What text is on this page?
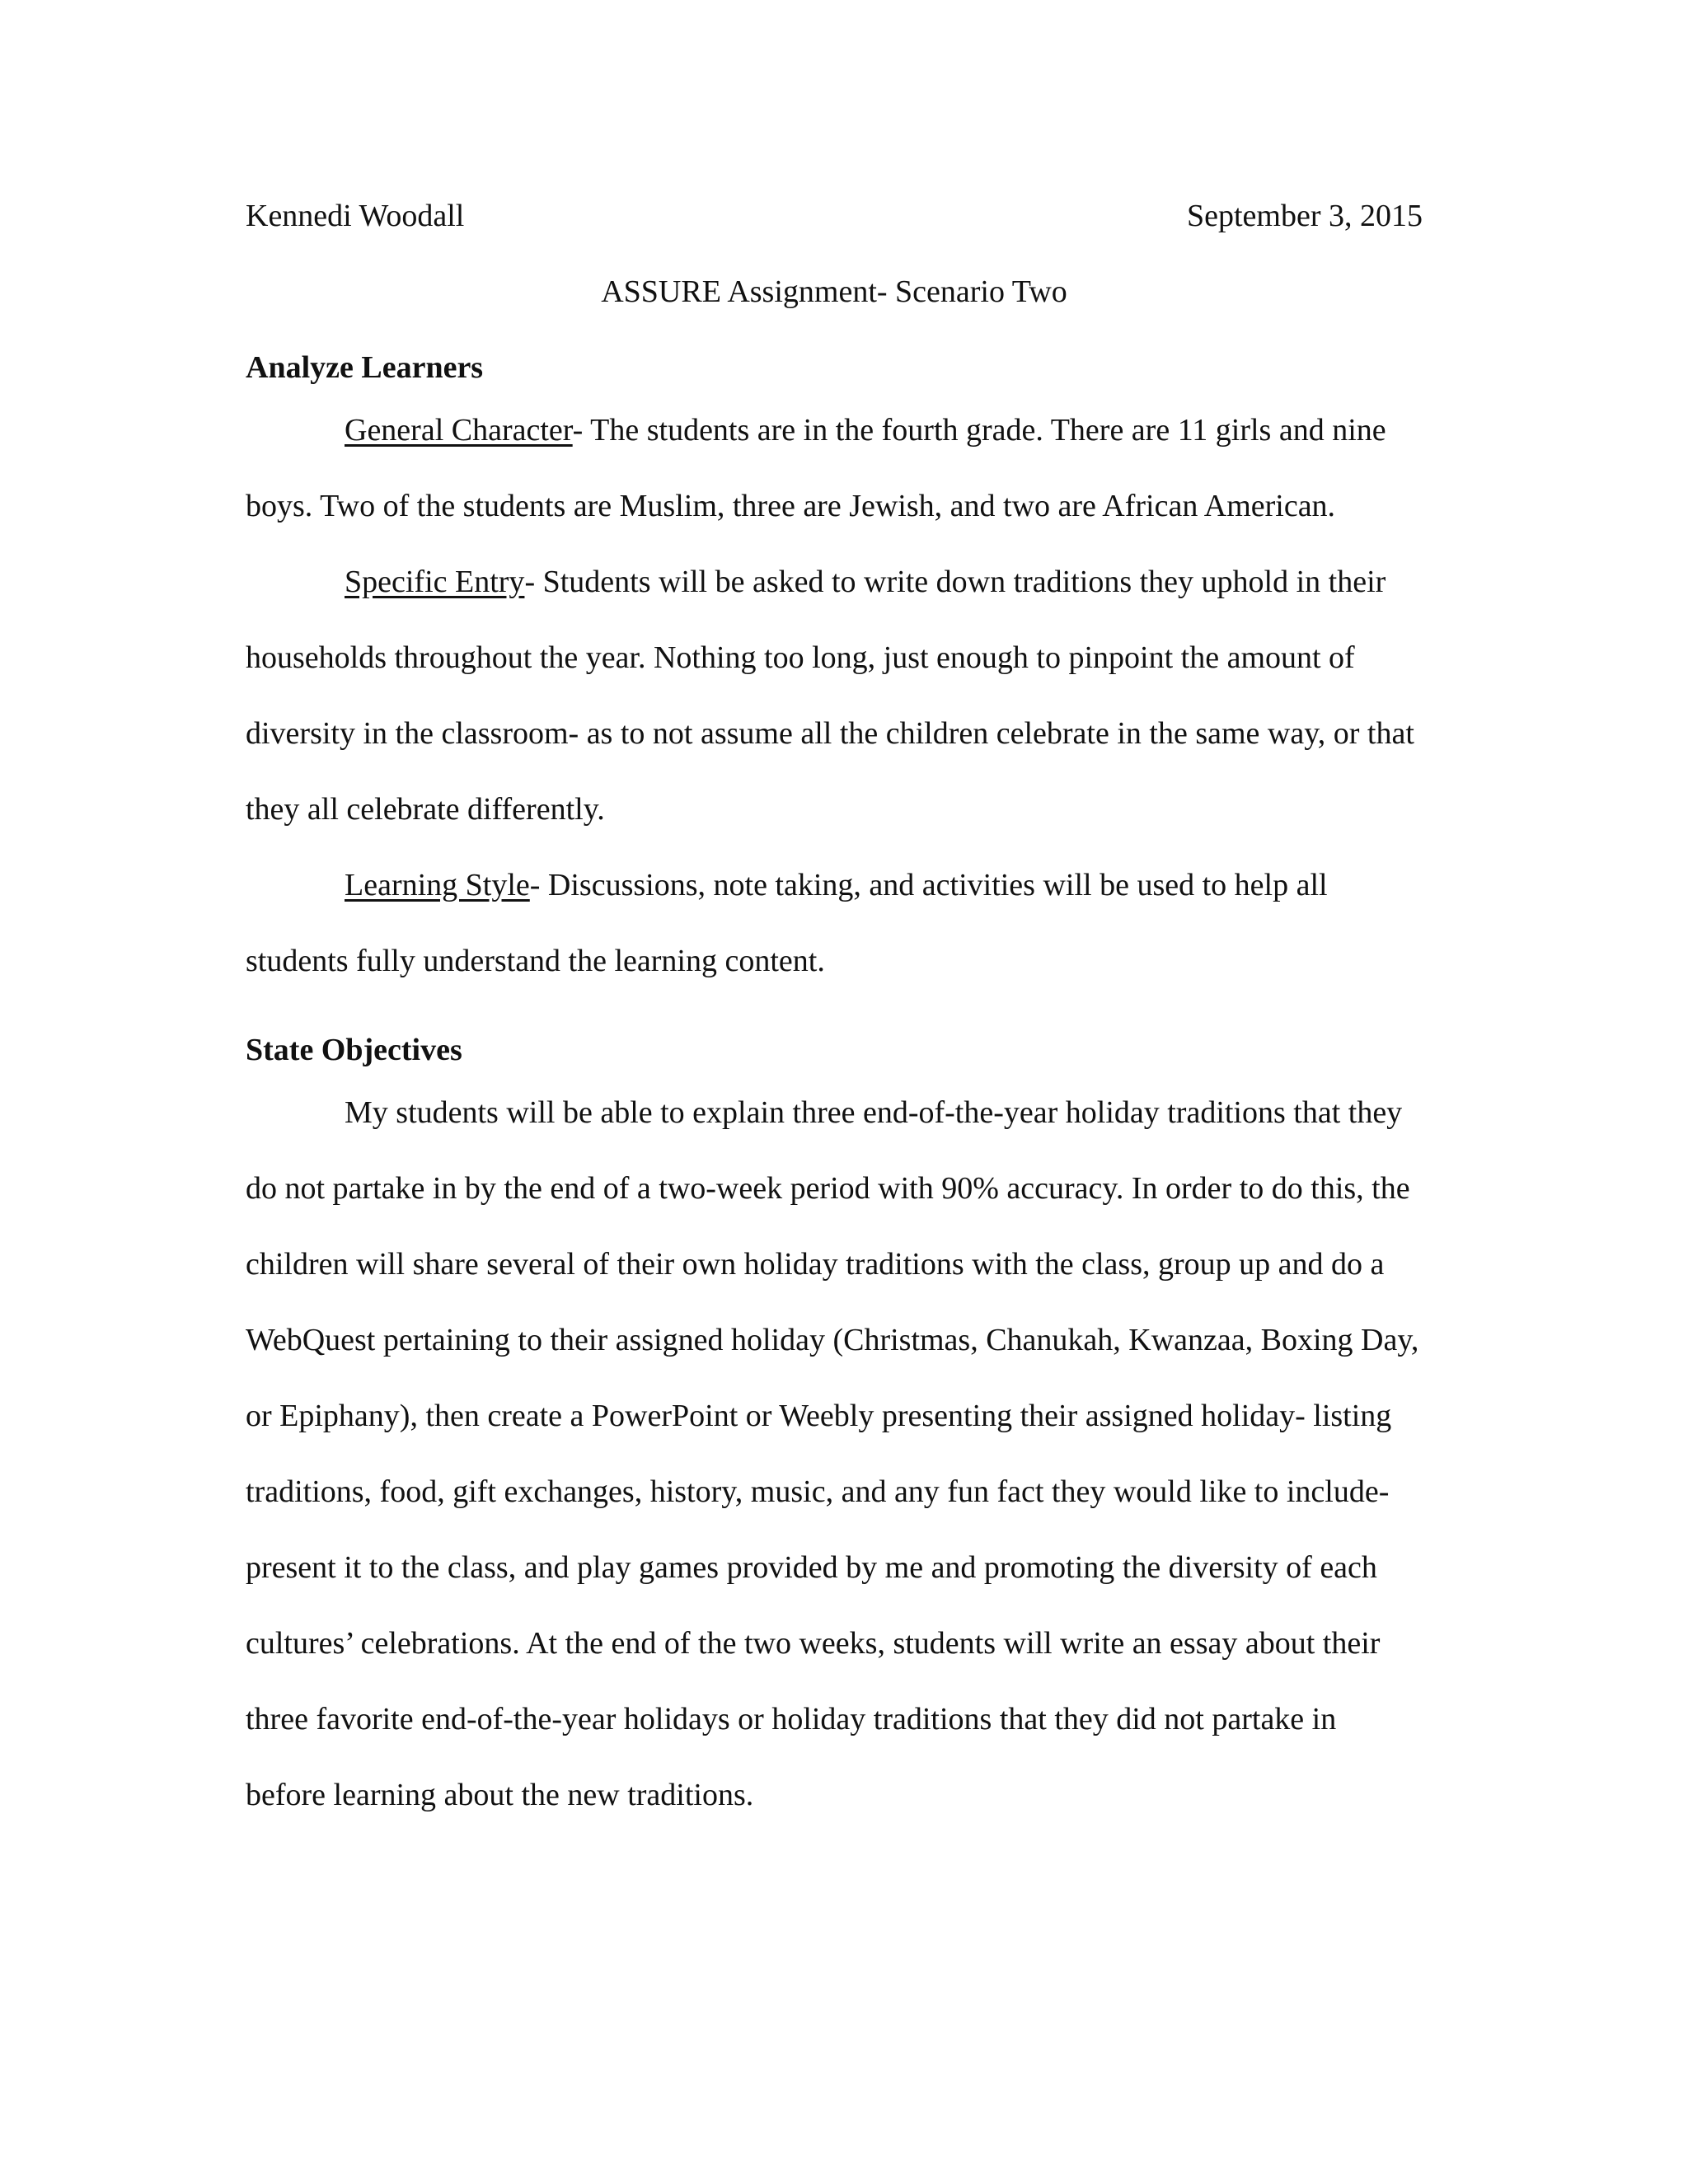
Kennedi Woodall	September 3, 2015
ASSURE Assignment- Scenario Two
Analyze Learners

General Character- The students are in the fourth grade. There are 11 girls and nine boys. Two of the students are Muslim, three are Jewish, and two are African American.

Specific Entry- Students will be asked to write down traditions they uphold in their households throughout the year. Nothing too long, just enough to pinpoint the amount of diversity in the classroom- as to not assume all the children celebrate in the same way, or that they all celebrate differently.

Learning Style- Discussions, note taking, and activities will be used to help all students fully understand the learning content.

State Objectives

My students will be able to explain three end-of-the-year holiday traditions that they do not partake in by the end of a two-week period with 90% accuracy. In order to do this, the children will share several of their own holiday traditions with the class, group up and do a WebQuest pertaining to their assigned holiday (Christmas, Chanukah, Kwanzaa, Boxing Day, or Epiphany), then create a PowerPoint or Weebly presenting their assigned holiday- listing traditions, food, gift exchanges, history, music, and any fun fact they would like to include- present it to the class, and play games provided by me and promoting the diversity of each cultures’ celebrations. At the end of the two weeks, students will write an essay about their three favorite end-of-the-year holidays or holiday traditions that they did not partake in before learning about the new traditions.
